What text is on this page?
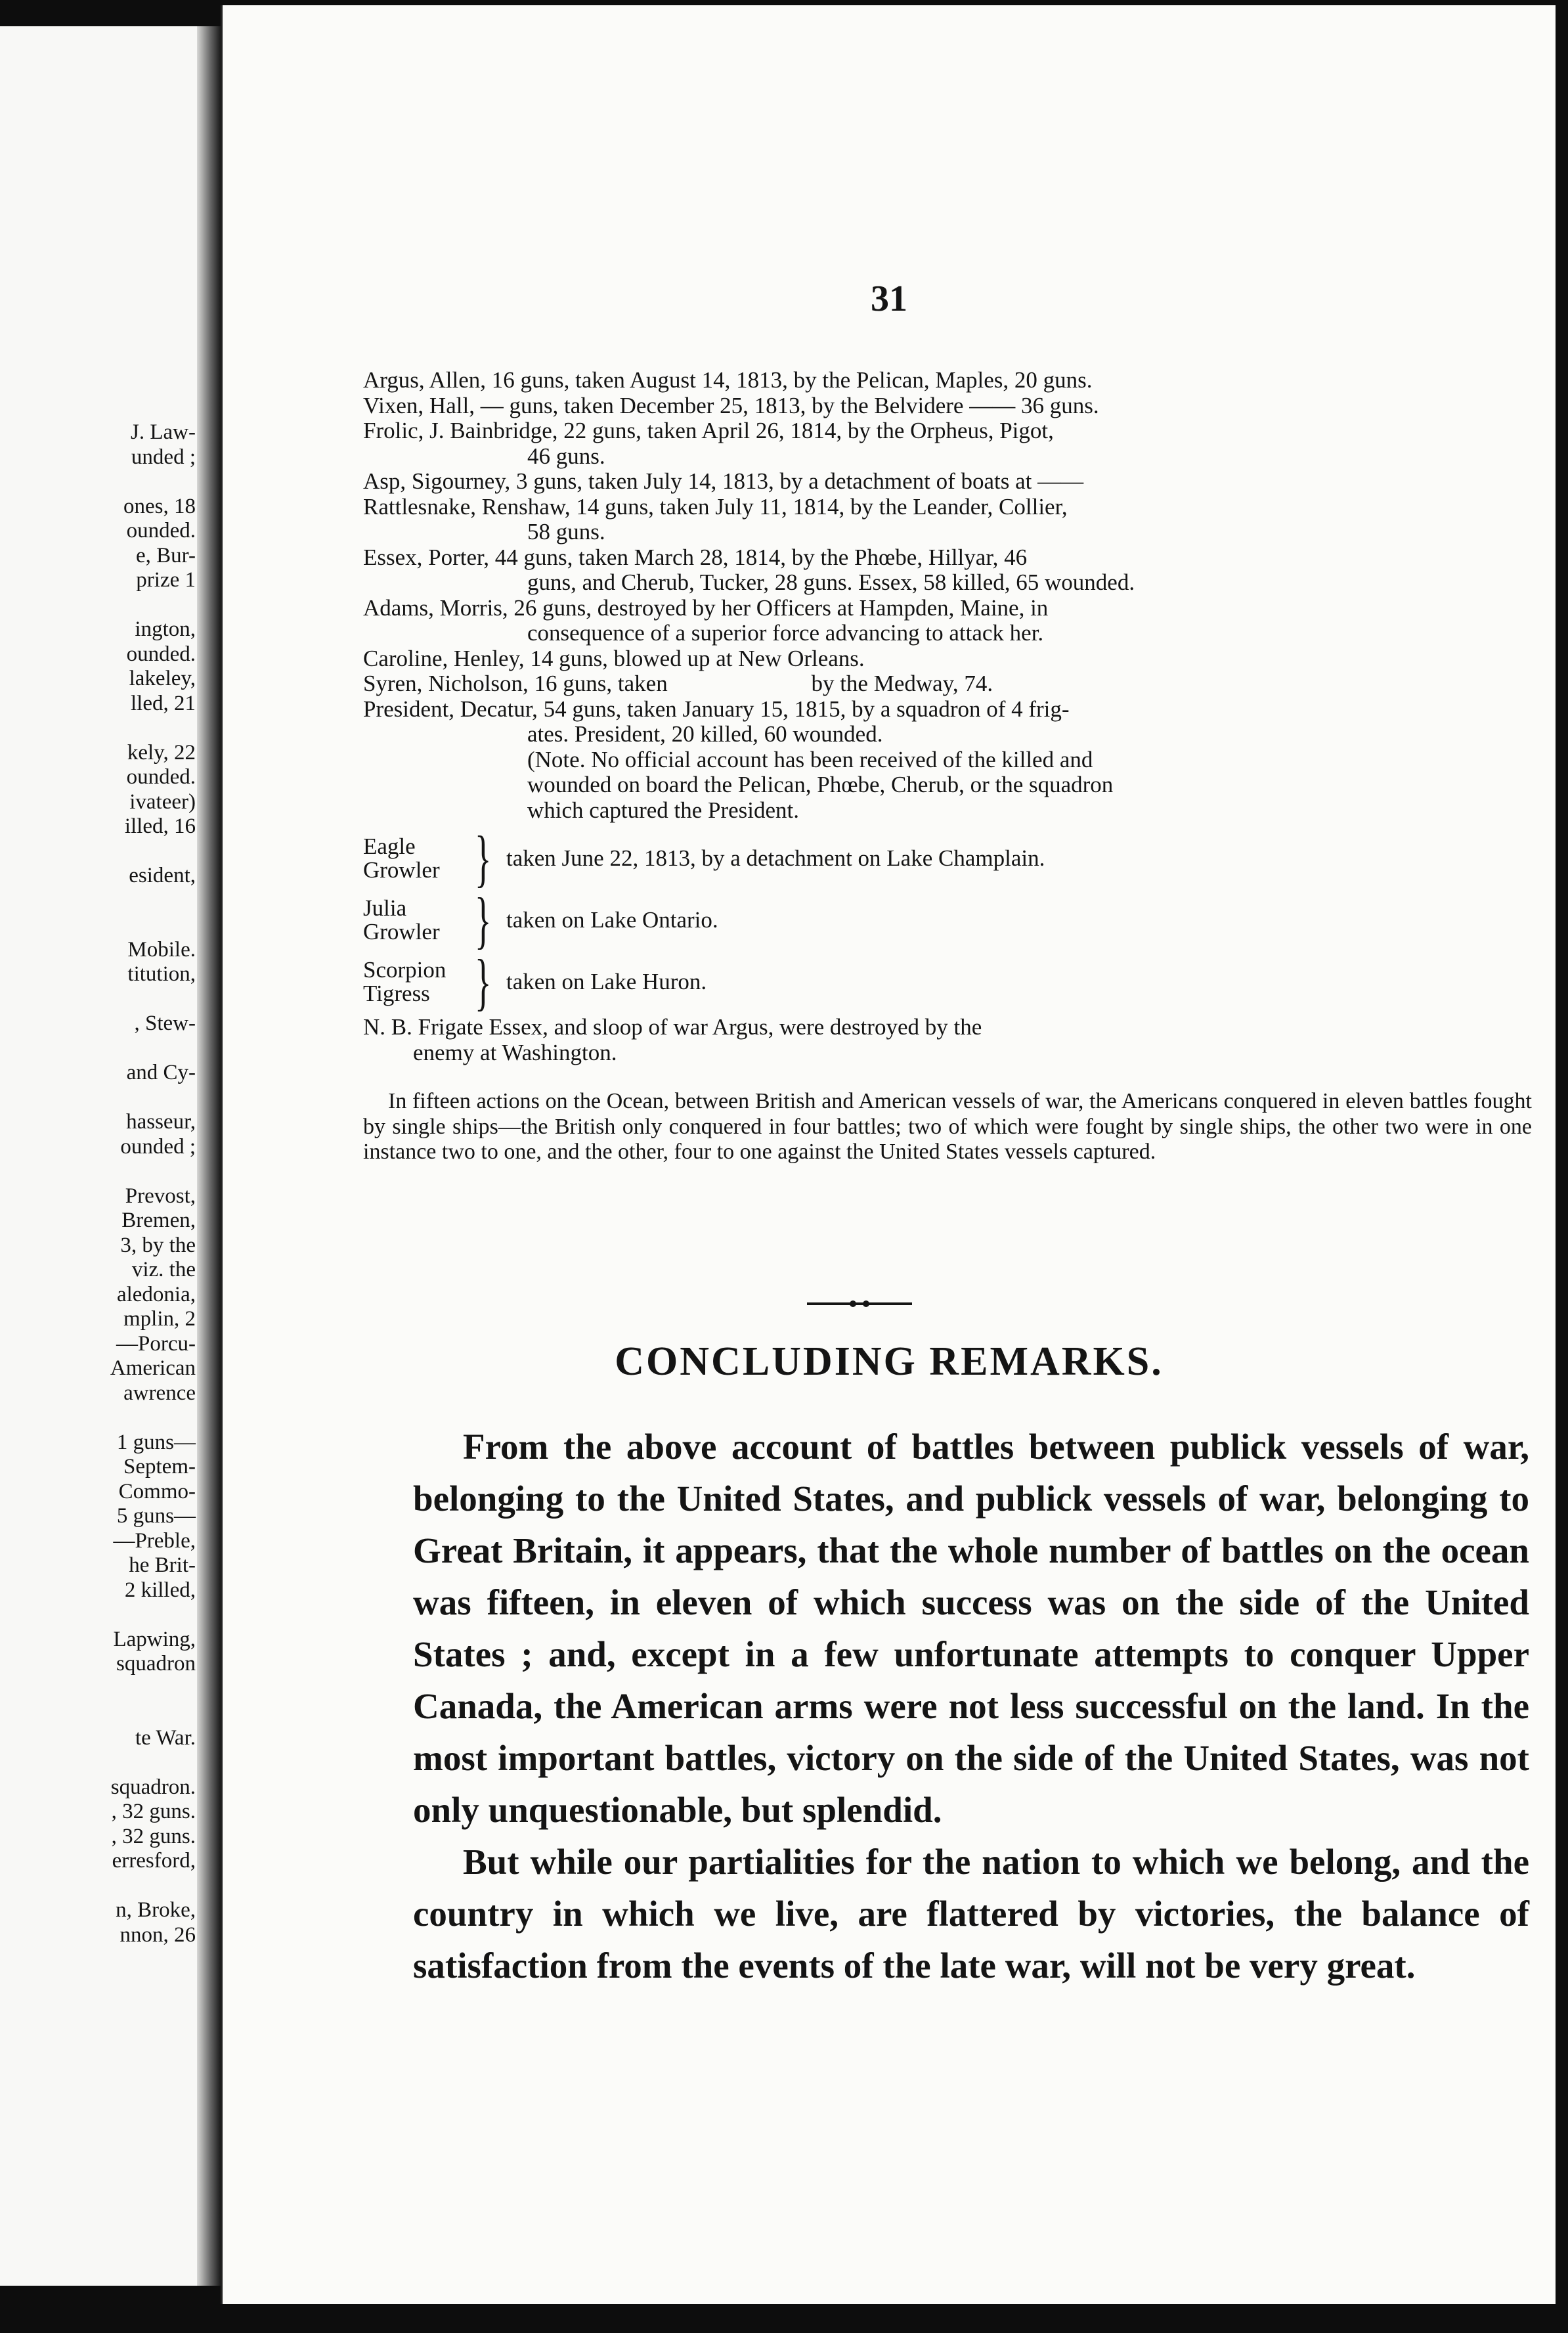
J. Law-
unded ;

ones, 18
ounded.
e, Bur-
prize 1

ington,
ounded.
lakeley,
lled, 21

kely, 22
ounded.
ivateer)
illed, 16

esident,

Mobile.
titution,

, Stew-

and Cy-

hasseur,
ounded ;

Prevost,
Bremen,
3, by the
viz. the
aledonia,
mplin, 2
—Porcu-
American
awrence

1 guns—
Septem-
Commo-
5 guns—
—Preble,
he Brit-
2 killed,

Lapwing,
squadron

te War.

squadron.
, 32 guns.
, 32 guns.
erresford,

n, Broke,
nnon, 26
31
Argus, Allen, 16 guns, taken August 14, 1813, by the Pelican, Maples, 20 guns.
Vixen, Hall, — guns, taken December 25, 1813, by the Belvidere —— 36 guns.
Frolic, J. Bainbridge, 22 guns, taken April 26, 1814, by the Orpheus, Pigot,
46 guns.
Asp, Sigourney, 3 guns, taken July 14, 1813, by a detachment of boats at ——
Rattlesnake, Renshaw, 14 guns, taken July 11, 1814, by the Leander, Collier,
58 guns.
Essex, Porter, 44 guns, taken March 28, 1814, by the Phœbe, Hillyar, 46
guns, and Cherub, Tucker, 28 guns. Essex, 58 killed, 65 wounded.
Adams, Morris, 26 guns, destroyed by her Officers at Hampden, Maine, in
consequence of a superior force advancing to attack her.
Caroline, Henley, 14 guns, blowed up at New Orleans.
Syren, Nicholson, 16 guns, taken                         by the Medway, 74.
President, Decatur, 54 guns, taken January 15, 1815, by a squadron of 4 frig-
ates. President, 20 killed, 60 wounded.
(Note. No official account has been received of the killed and
wounded on board the Pelican, Phœbe, Cherub, or the squadron
which captured the President.
Eagle
Growler } taken June 22, 1813, by a detachment on Lake Champlain.
Julia
Growler } taken on Lake Ontario.
Scorpion
Tigress } taken on Lake Huron.
N. B. Frigate Essex, and sloop of war Argus, were destroyed by the
enemy at Washington.
In fifteen actions on the Ocean, between British and American vessels of war, the Americans conquered in eleven battles fought by single ships—the British only conquered in four battles; two of which were fought by single ships, the other two were in one instance two to one, and the other, four to one against the United States vessels captured.
CONCLUDING REMARKS.

From the above account of battles between publick vessels of war, belonging to the United States, and publick vessels of war, belonging to Great Britain, it appears, that the whole number of battles on the ocean was fifteen, in eleven of which success was on the side of the United States ; and, except in a few unfortunate attempts to conquer Upper Canada, the American arms were not less successful on the land. In the most important battles, victory on the side of the United States, was not only unquestionable, but splendid.

But while our partialities for the nation to which we belong, and the country in which we live, are flattered by victories, the balance of satisfaction from the events of the late war, will not be very great.
